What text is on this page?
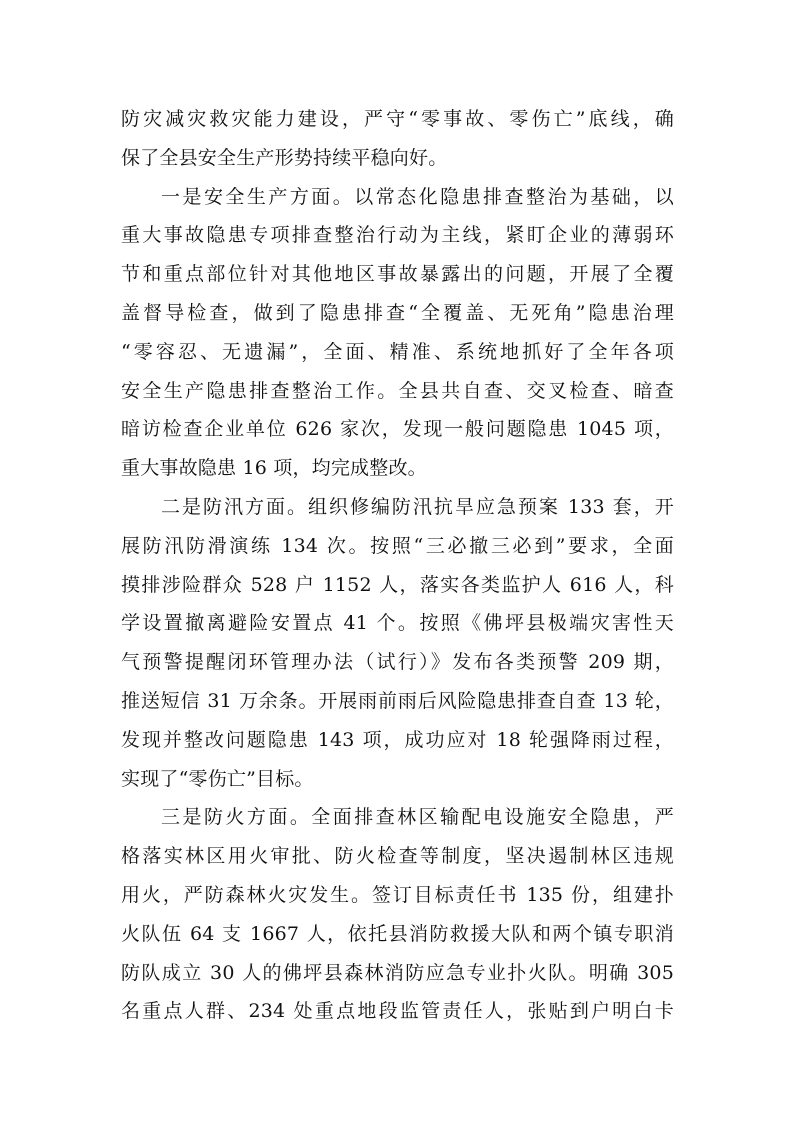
防灾减灾救灾能力建设，严守“零事故、零伤亡”底线，确
保了全县安全生产形势持续平稳向好。
一是安全生产方面。以常态化隐患排查整治为基础，以
重大事故隐患专项排查整治行动为主线，紧盯企业的薄弱环
节和重点部位针对其他地区事故暴露出的问题，开展了全覆
盖督导检查，做到了隐患排查“全覆盖、无死角”隐患治理
“零容忍、无遗漏”，全面、精准、系统地抓好了全年各项
安全生产隐患排查整治工作。全县共自查、交叉检查、暗查
暗访检查企业单位 626 家次，发现一般问题隐患 1045 项，
重大事故隐患 16 项，均完成整改。
二是防汛方面。组织修编防汛抗旱应急预案 133 套，开
展防汛防滑演练 134 次。按照“三必撤三必到”要求，全面
摸排涉险群众 528 户 1152 人，落实各类监护人 616 人，科
学设置撤离避险安置点 41 个。按照《佛坪县极端灾害性天
气预警提醒闭环管理办法（试行）》发布各类预警 209 期，
推送短信 31 万余条。开展雨前雨后风险隐患排查自查 13 轮，
发现并整改问题隐患 143 项，成功应对 18 轮强降雨过程，
实现了“零伤亡”目标。
三是防火方面。全面排查林区输配电设施安全隐患，严
格落实林区用火审批、防火检查等制度，坚决遏制林区违规
用火，严防森林火灾发生。签订目标责任书 135 份，组建扑
火队伍 64 支 1667 人，依托县消防救援大队和两个镇专职消
防队成立 30 人的佛坪县森林消防应急专业扑火队。明确 305
名重点人群、234 处重点地段监管责任人，张贴到户明白卡
